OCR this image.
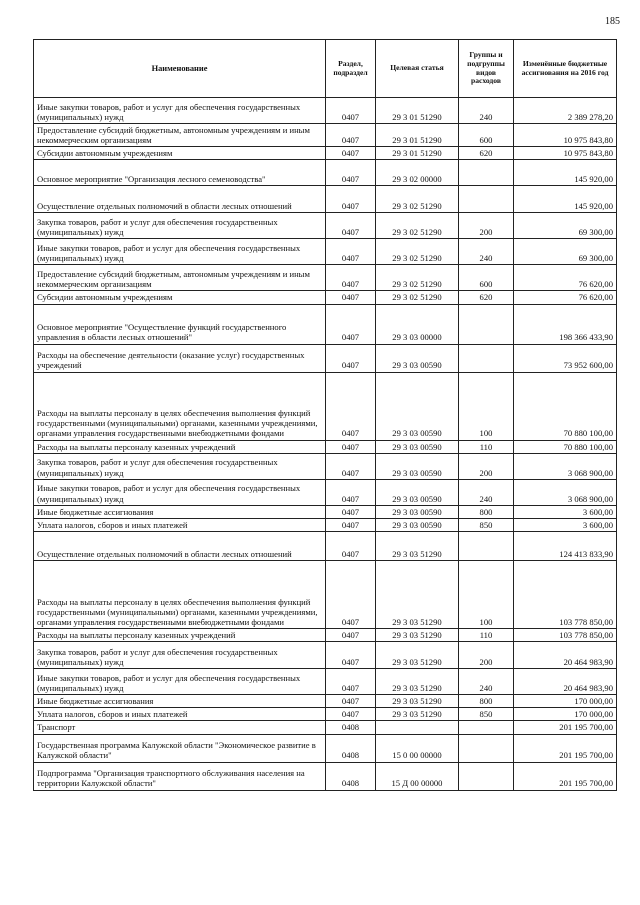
185
Наименование	Раздел, подраздел	Целевая статья	Группы и подгруппы видов расходов	Изменённые бюджетные ассигнования на 2016 год
Иные закупки товаров, работ и услуг для обеспечения государственных (муниципальных) нужд	0407	29 3 01 51290	240	2 389 278,20
Предоставление субсидий бюджетным, автономным учреждениям и иным некоммерческим организациям	0407	29 3 01 51290	600	10 975 843,80
Субсидии автономным учреждениям	0407	29 3 01 51290	620	10 975 843,80
Основное мероприятие "Организация лесного семеноводства"	0407	29 3 02 00000		145 920,00
Осуществление отдельных полномочий в области лесных отношений	0407	29 3 02 51290		145 920,00
Закупка товаров, работ и услуг для обеспечения государственных (муниципальных) нужд	0407	29 3 02 51290	200	69 300,00
Иные закупки товаров, работ и услуг для обеспечения государственных (муниципальных) нужд	0407	29 3 02 51290	240	69 300,00
Предоставление субсидий бюджетным, автономным учреждениям и иным некоммерческим организациям	0407	29 3 02 51290	600	76 620,00
Субсидии автономным учреждениям	0407	29 3 02 51290	620	76 620,00
Основное мероприятие "Осуществление функций государственного управления в области лесных отношений"	0407	29 3 03 00000		198 366 433,90
Расходы на обеспечение деятельности (оказание услуг) государственных учреждений	0407	29 3 03 00590		73 952 600,00
Расходы на выплаты персоналу в целях обеспечения выполнения функций государственными (муниципальными) органами, казенными учреждениями, органами управления государственными внебюджетными фондами	0407	29 3 03 00590	100	70 880 100,00
Расходы на выплаты персоналу казенных учреждений	0407	29 3 03 00590	110	70 880 100,00
Закупка товаров, работ и услуг для обеспечения государственных (муниципальных) нужд	0407	29 3 03 00590	200	3 068 900,00
Иные закупки товаров, работ и услуг для обеспечения государственных (муниципальных) нужд	0407	29 3 03 00590	240	3 068 900,00
Иные бюджетные ассигнования	0407	29 3 03 00590	800	3 600,00
Уплата налогов, сборов и иных платежей	0407	29 3 03 00590	850	3 600,00
Осуществление отдельных полномочий в области лесных отношений	0407	29 3 03 51290		124 413 833,90
Расходы на выплаты персоналу в целях обеспечения выполнения функций государственными (муниципальными) органами, казенными учреждениями, органами управления государственными внебюджетными фондами	0407	29 3 03 51290	100	103 778 850,00
Расходы на выплаты персоналу казенных учреждений	0407	29 3 03 51290	110	103 778 850,00
Закупка товаров, работ и услуг для обеспечения государственных (муниципальных) нужд	0407	29 3 03 51290	200	20 464 983,90
Иные закупки товаров, работ и услуг для обеспечения государственных (муниципальных) нужд	0407	29 3 03 51290	240	20 464 983,90
Иные бюджетные ассигнования	0407	29 3 03 51290	800	170 000,00
Уплата налогов, сборов и иных платежей	0407	29 3 03 51290	850	170 000,00
Транспорт	0408			201 195 700,00
Государственная программа Калужской области "Экономическое развитие в Калужской области"	0408	15 0 00 00000		201 195 700,00
Подпрограмма "Организация транспортного обслуживания населения на территории Калужской области"	0408	15 Д 00 00000		201 195 700,00
